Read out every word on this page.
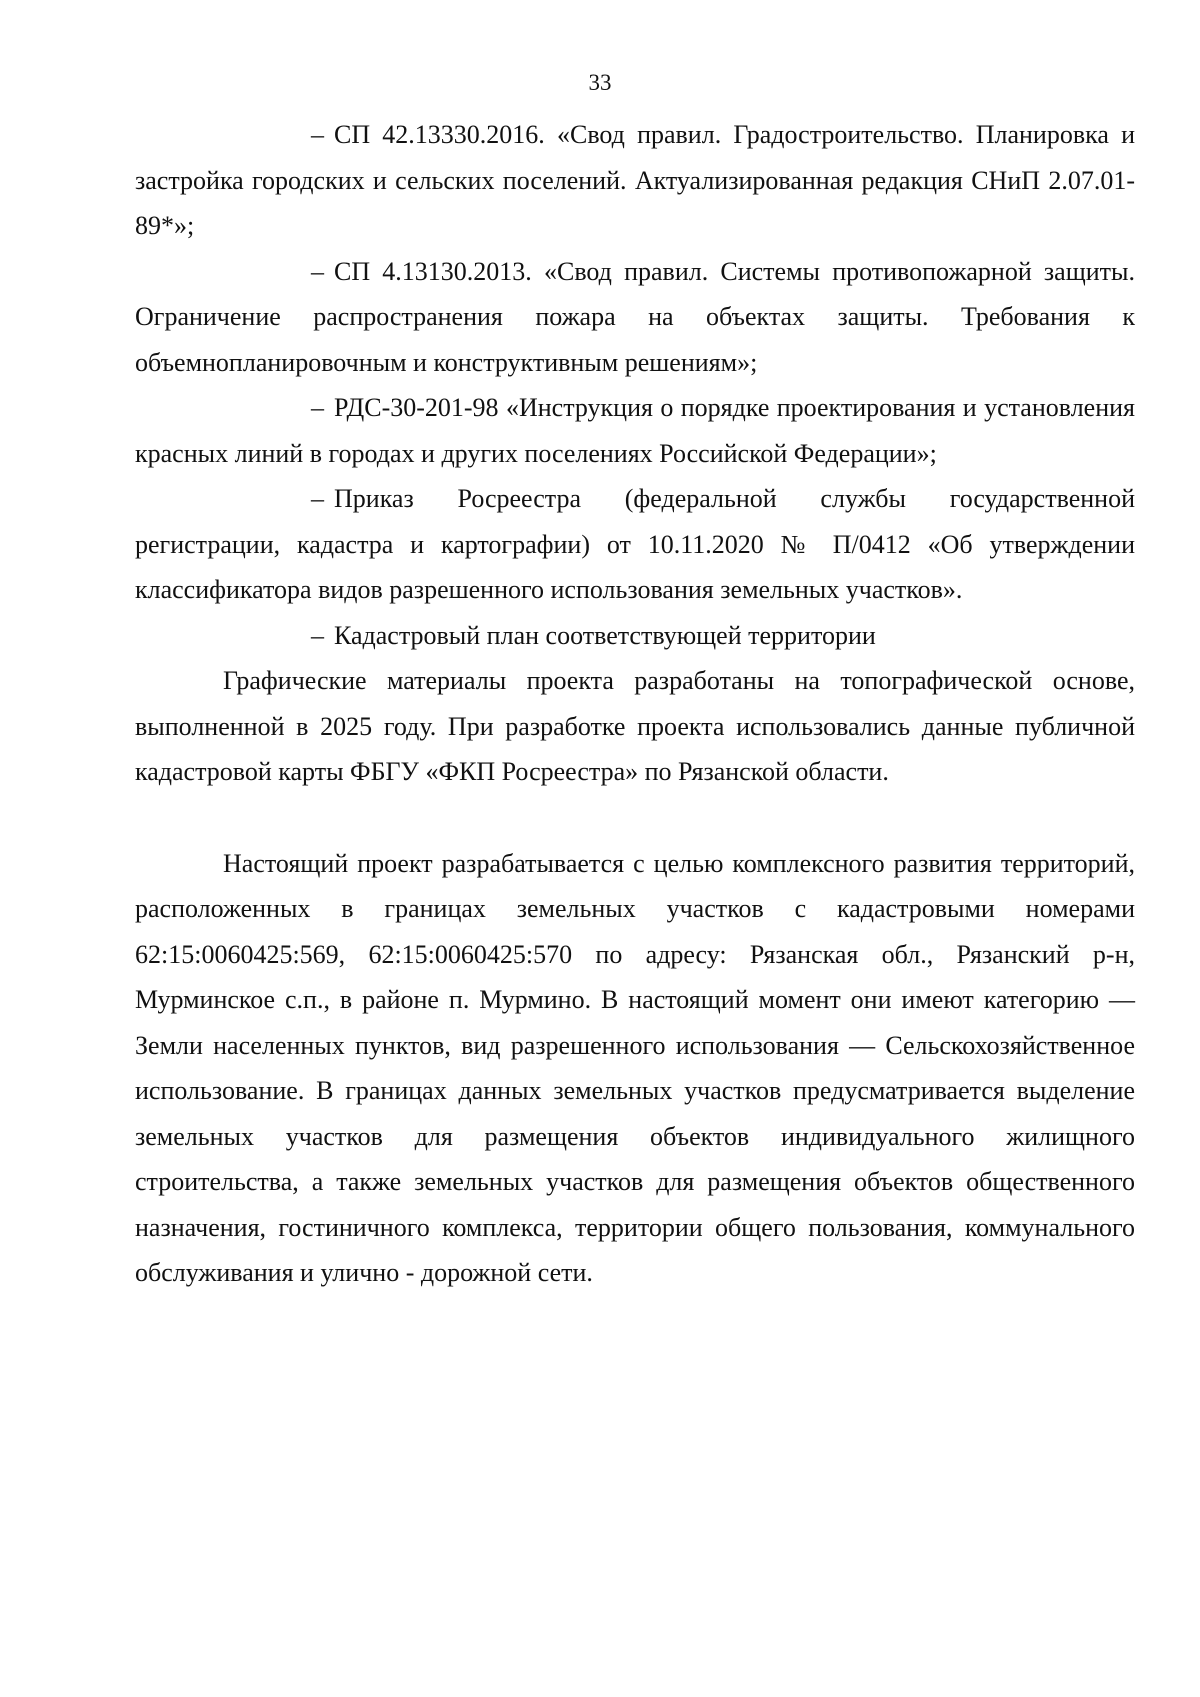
33

– СП 42.13330.2016. «Свод правил. Градостроительство. Планировка и застройка городских и сельских поселений. Актуализированная редакция СНиП 2.07.01-89*»;

– СП 4.13130.2013. «Свод правил. Системы противопожарной защиты. Ограничение распространения пожара на объектах защиты. Требования к объемнопланировочным и конструктивным решениям»;

– РДС-30-201-98 «Инструкция о порядке проектирования и установления красных линий в городах и других поселениях Российской Федерации»;

– Приказ Росреестра (федеральной службы государственной регистрации, кадастра и картографии) от 10.11.2020 № П/0412 «Об утверждении классификатора видов разрешенного использования земельных участков».

– Кадастровый план соответствующей территории

Графические материалы проекта разработаны на топографической основе, выполненной в 2025 году. При разработке проекта использовались данные публичной кадастровой карты ФБГУ «ФКП Росреестра» по Рязанской области.

Настоящий проект разрабатывается с целью комплексного развития территорий, расположенных в границах земельных участков с кадастровыми номерами 62:15:0060425:569, 62:15:0060425:570 по адресу: Рязанская обл., Рязанский р-н, Мурминское с.п., в районе п. Мурмино. В настоящий момент они имеют категорию — Земли населенных пунктов, вид разрешенного использования — Сельскохозяйственное использование. В границах данных земельных участков предусматривается выделение земельных участков для размещения объектов индивидуального жилищного строительства, а также земельных участков для размещения объектов общественного назначения, гостиничного комплекса, территории общего пользования, коммунального обслуживания и улично - дорожной сети.
